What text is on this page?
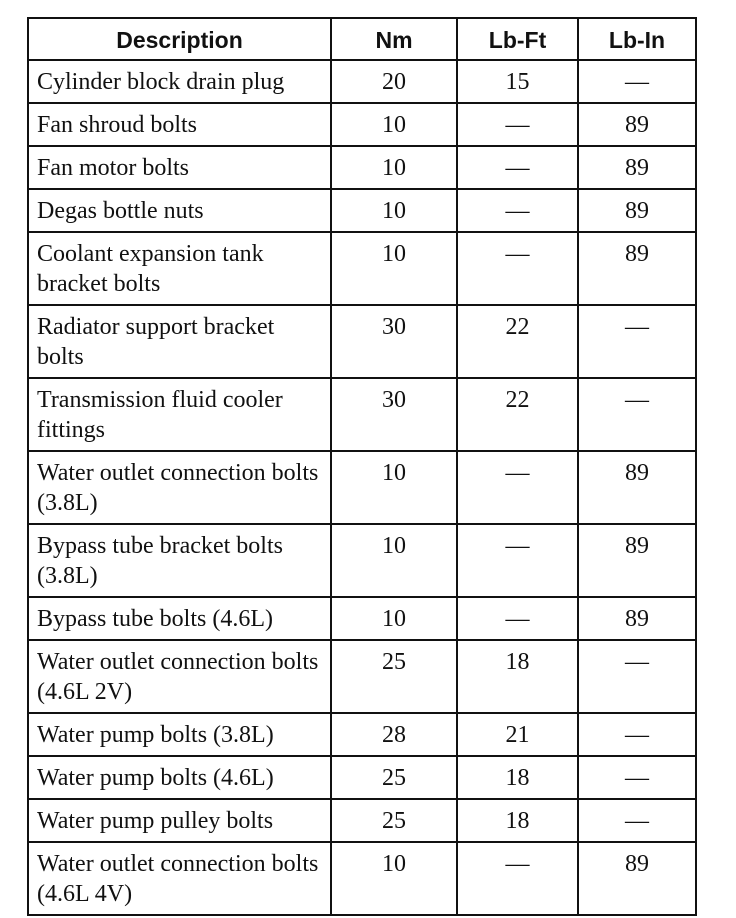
Description	Nm	Lb-Ft	Lb-In
Cylinder block drain plug	20	15	—
Fan shroud bolts	10	—	89
Fan motor bolts	10	—	89
Degas bottle nuts	10	—	89
Coolant expansion tank bracket bolts	10	—	89
Radiator support bracket bolts	30	22	—
Transmission fluid cooler fittings	30	22	—
Water outlet connection bolts (3.8L)	10	—	89
Bypass tube bracket bolts (3.8L)	10	—	89
Bypass tube bolts (4.6L)	10	—	89
Water outlet connection bolts (4.6L 2V)	25	18	—
Water pump bolts (3.8L)	28	21	—
Water pump bolts (4.6L)	25	18	—
Water pump pulley bolts	25	18	—
Water outlet connection bolts (4.6L 4V)	10	—	89
